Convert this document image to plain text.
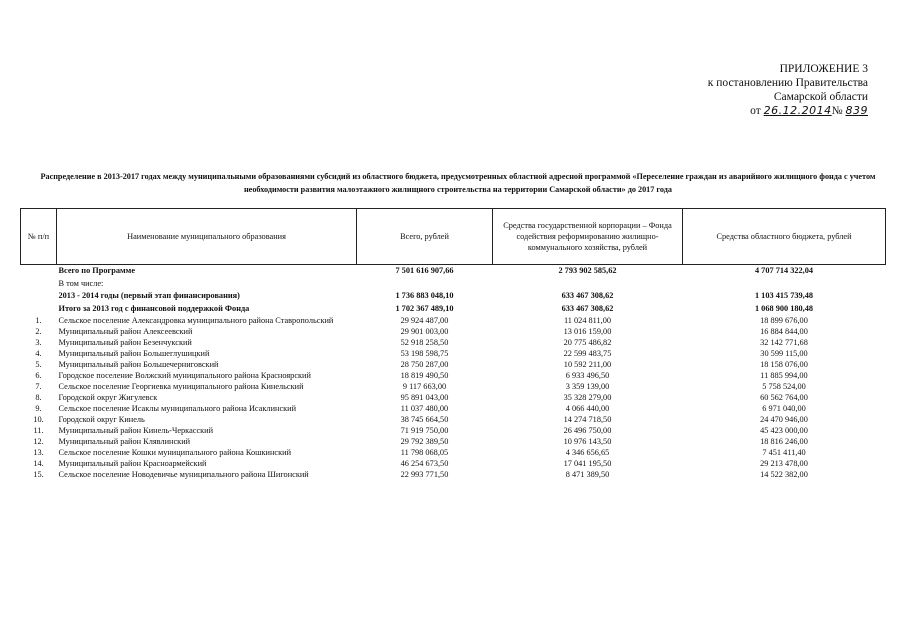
ПРИЛОЖЕНИЕ 3
к постановлению Правительства
Самарской области
от 26.12.2014№ 839
Распределение в 2013-2017 годах между муниципальными образованиями субсидий из областного бюджета, предусмотренных областной адресной программой «Переселение граждан из аварийного жилищного фонда с учетом необходимости развития малоэтажного жилищного строительства на территории Самарской области» до 2017 года
№ п/п	Наименование муниципального образования	Всего, рублей	Средства государственной корпорации – Фонда содействия реформированию жилищно-коммунального хозяйства, рублей	Средства областного бюджета, рублей
	Всего по Программе	7 501 616 907,66	2 793 902 585,62	4 707 714 322,04
	В том числе:			
	2013 - 2014 годы (первый этап финансирования)	1 736 883 048,10	633 467 308,62	1 103 415 739,48
	Итого за 2013 год с финансовой поддержкой Фонда	1 702 367 489,10	633 467 308,62	1 068 900 180,48
1.	Сельское поселение Александровка муниципального района Ставропольский	29 924 487,00	11 024 811,00	18 899 676,00
2.	Муниципальный район Алексеевский	29 901 003,00	13 016 159,00	16 884 844,00
3.	Муниципальный район Безенчукский	52 918 258,50	20 775 486,82	32 142 771,68
4.	Муниципальный район Большеглушицкий	53 198 598,75	22 599 483,75	30 599 115,00
5.	Муниципальный район Большечерниговский	28 750 287,00	10 592 211,00	18 158 076,00
6.	Городское поселение Волжский муниципального района Красноярский	18 819 490,50	6 933 496,50	11 885 994,00
7.	Сельское поселение Георгиевка муниципального района Кинельский	9 117 663,00	3 359 139,00	5 758 524,00
8.	Городской округ Жигулевск	95 891 043,00	35 328 279,00	60 562 764,00
9.	Сельское поселение Исаклы муниципального района Исаклинский	11 037 480,00	4 066 440,00	6 971 040,00
10.	Городской округ Кинель	38 745 664,50	14 274 718,50	24 470 946,00
11.	Муниципальный район Кинель-Черкасский	71 919 750,00	26 496 750,00	45 423 000,00
12.	Муниципальный район Клявлинский	29 792 389,50	10 976 143,50	18 816 246,00
13.	Сельское поселение Кошки муниципального района Кошкинский	11 798 068,05	4 346 656,65	7 451 411,40
14.	Муниципальный район Красноармейский	46 254 673,50	17 041 195,50	29 213 478,00
15.	Сельское поселение Новодевичье муниципального района Шигонский	22 993 771,50	8 471 389,50	14 522 382,00
